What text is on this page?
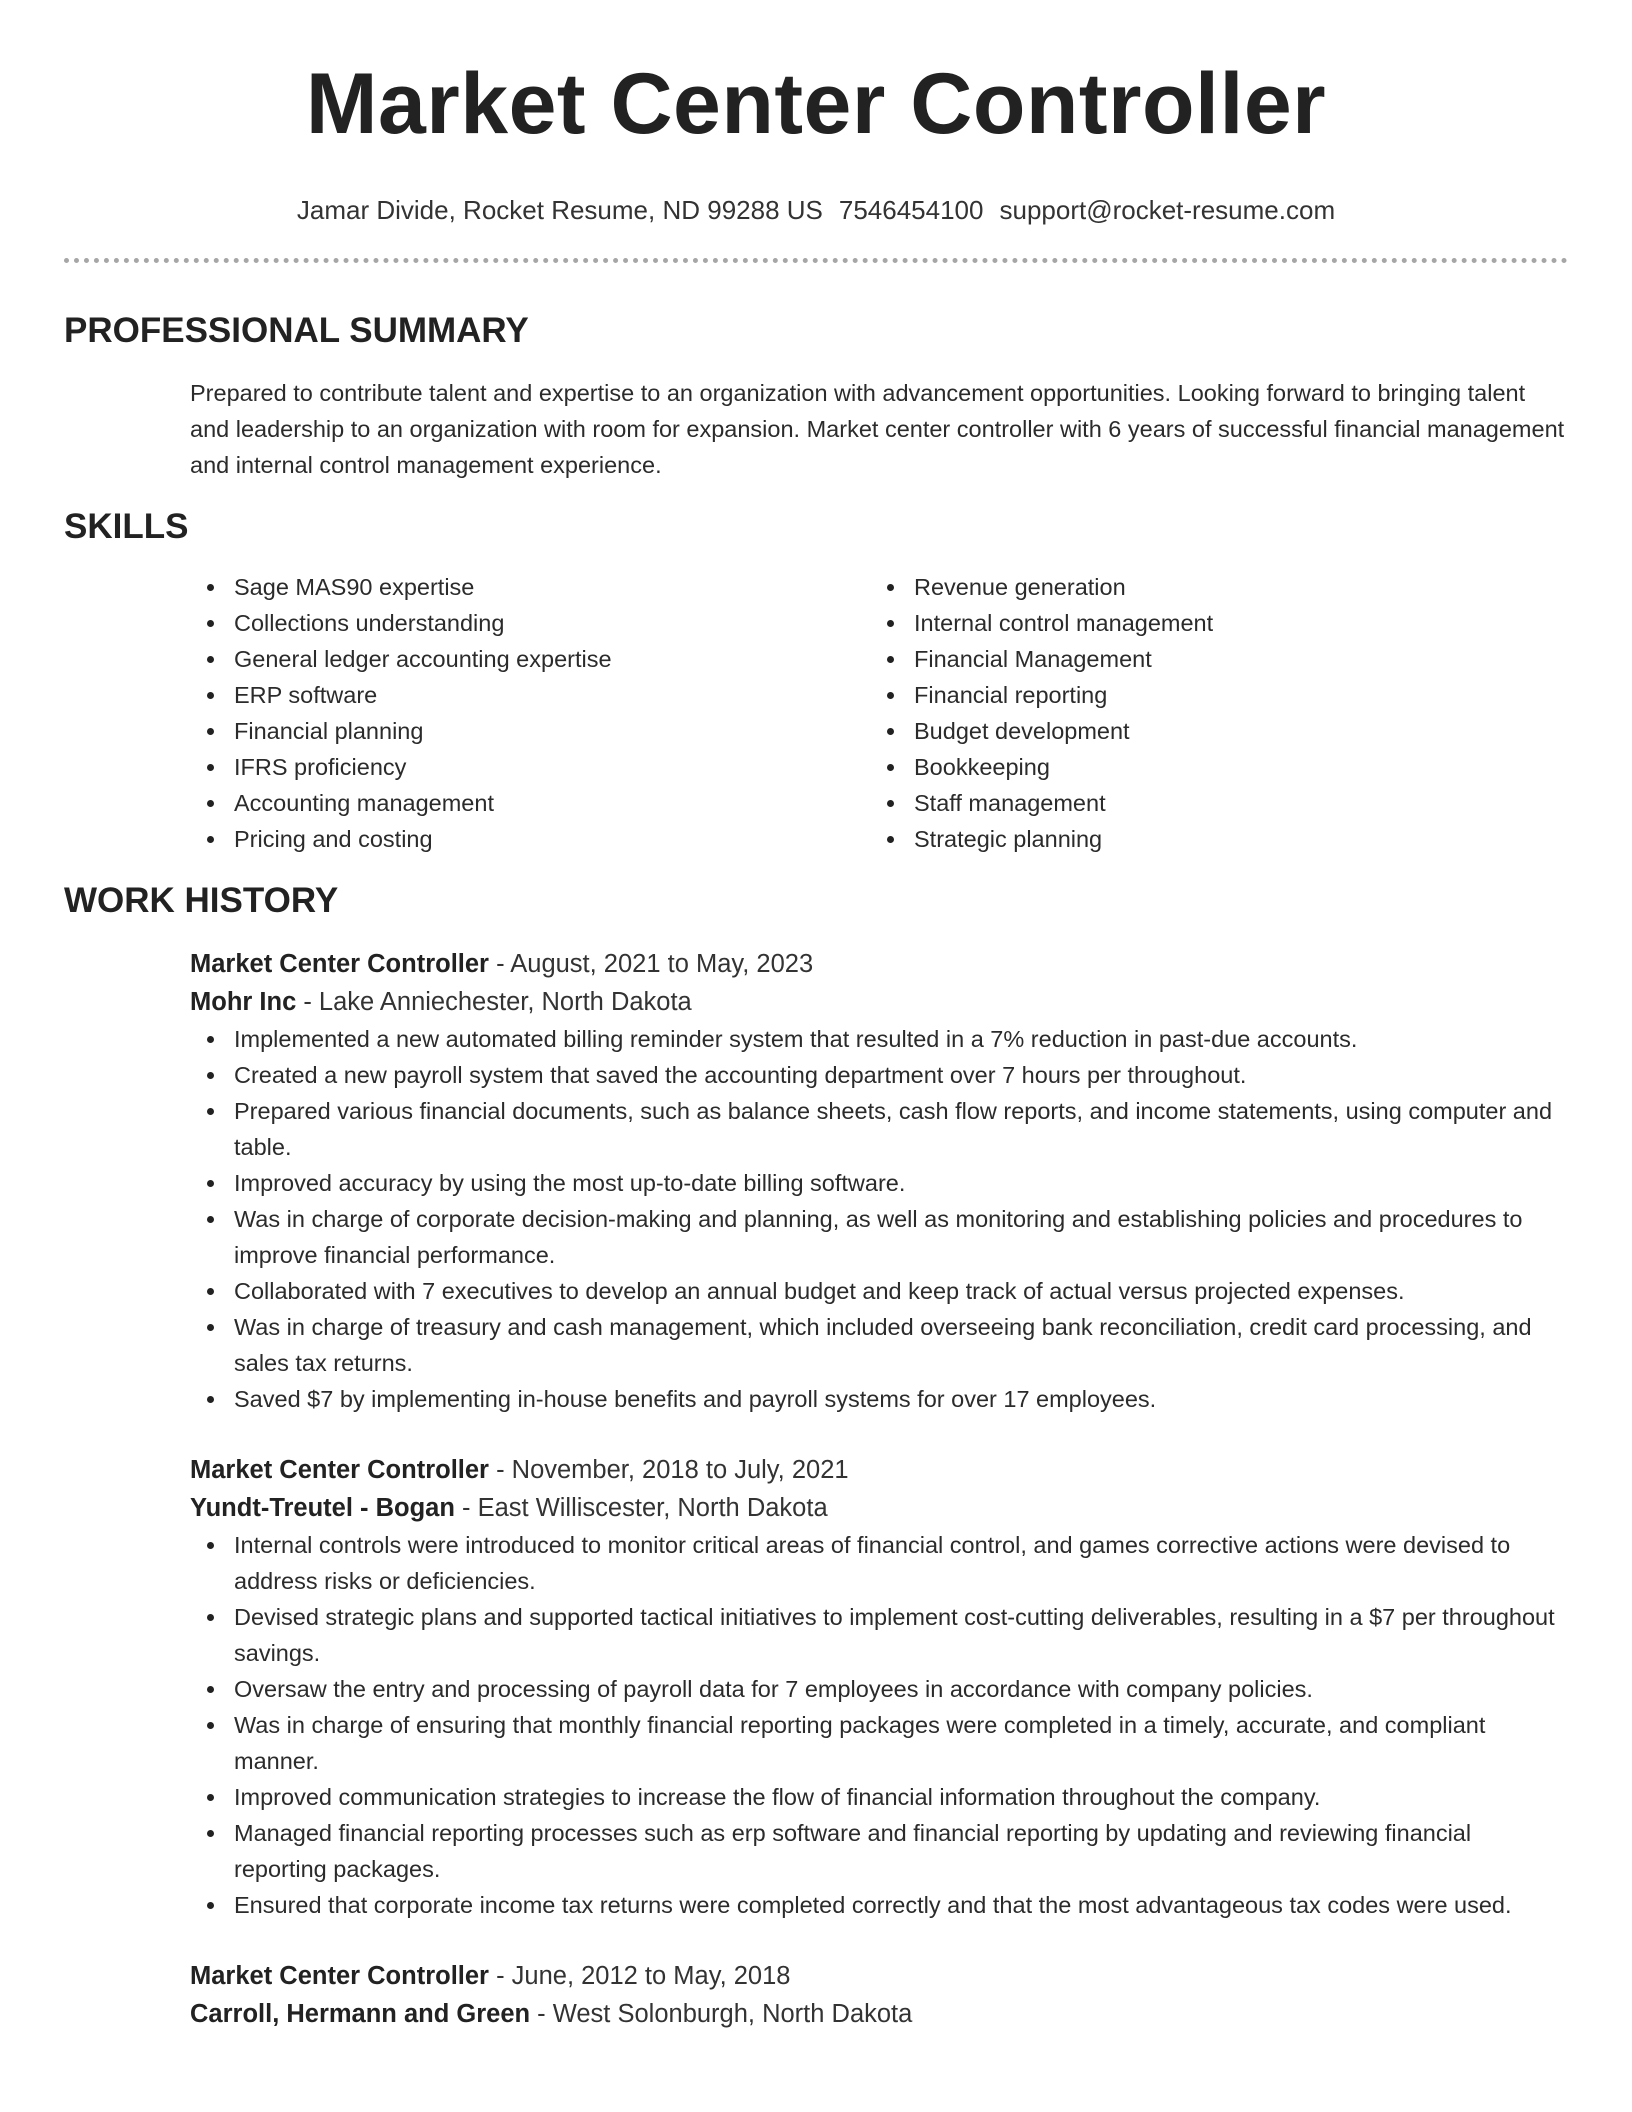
Market Center Controller
Jamar Divide, Rocket Resume, ND 99288 US 7546454100 support@rocket-resume.com
PROFESSIONAL SUMMARY
Prepared to contribute talent and expertise to an organization with advancement opportunities. Looking forward to bringing talent and leadership to an organization with room for expansion. Market center controller with 6 years of successful financial management and internal control management experience.
SKILLS
Sage MAS90 expertise
Collections understanding
General ledger accounting expertise
ERP software
Financial planning
IFRS proficiency
Accounting management
Pricing and costing
Revenue generation
Internal control management
Financial Management
Financial reporting
Budget development
Bookkeeping
Staff management
Strategic planning
WORK HISTORY
Market Center Controller - August, 2021 to May, 2023
Mohr Inc - Lake Anniechester, North Dakota
Implemented a new automated billing reminder system that resulted in a 7% reduction in past-due accounts.
Created a new payroll system that saved the accounting department over 7 hours per throughout.
Prepared various financial documents, such as balance sheets, cash flow reports, and income statements, using computer and table.
Improved accuracy by using the most up-to-date billing software.
Was in charge of corporate decision-making and planning, as well as monitoring and establishing policies and procedures to improve financial performance.
Collaborated with 7 executives to develop an annual budget and keep track of actual versus projected expenses.
Was in charge of treasury and cash management, which included overseeing bank reconciliation, credit card processing, and sales tax returns.
Saved $7 by implementing in-house benefits and payroll systems for over 17 employees.
Market Center Controller - November, 2018 to July, 2021
Yundt-Treutel - Bogan - East Williscester, North Dakota
Internal controls were introduced to monitor critical areas of financial control, and games corrective actions were devised to address risks or deficiencies.
Devised strategic plans and supported tactical initiatives to implement cost-cutting deliverables, resulting in a $7 per throughout savings.
Oversaw the entry and processing of payroll data for 7 employees in accordance with company policies.
Was in charge of ensuring that monthly financial reporting packages were completed in a timely, accurate, and compliant manner.
Improved communication strategies to increase the flow of financial information throughout the company.
Managed financial reporting processes such as erp software and financial reporting by updating and reviewing financial reporting packages.
Ensured that corporate income tax returns were completed correctly and that the most advantageous tax codes were used.
Market Center Controller - June, 2012 to May, 2018
Carroll, Hermann and Green - West Solonburgh, North Dakota
